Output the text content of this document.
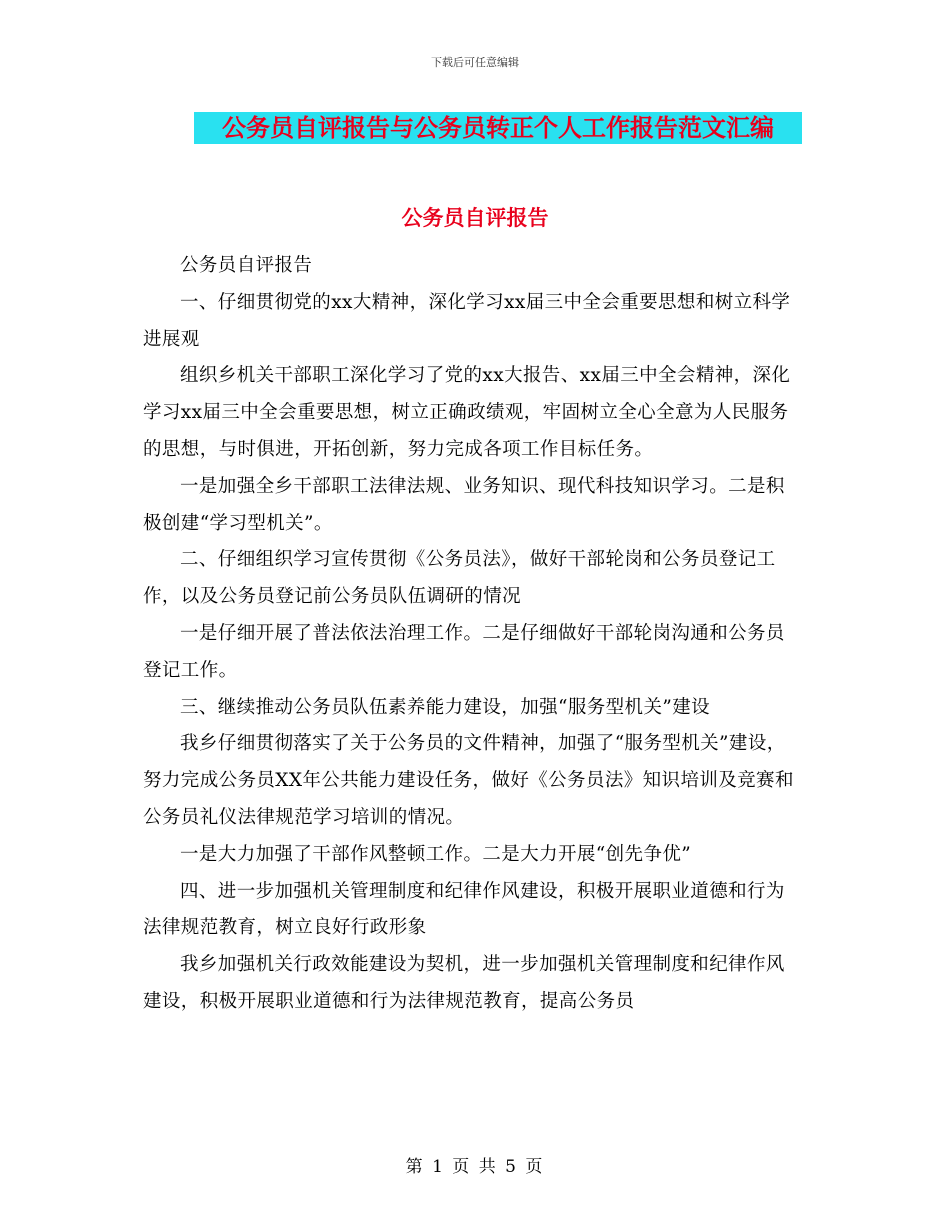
下载后可任意编辑
公务员自评报告与公务员转正个人工作报告范文汇编
公务员自评报告

公务员自评报告

一、仔细贯彻党的xx大精神，深化学习xx届三中全会重要思想和树立科学进展观

组织乡机关干部职工深化学习了党的xx大报告、xx届三中全会精神，深化学习xx届三中全会重要思想，树立正确政绩观，牢固树立全心全意为人民服务的思想，与时俱进，开拓创新，努力完成各项工作目标任务。

一是加强全乡干部职工法律法规、业务知识、现代科技知识学习。二是积极创建“学习型机关”。

二、仔细组织学习宣传贯彻《公务员法》，做好干部轮岗和公务员登记工作，以及公务员登记前公务员队伍调研的情况

一是仔细开展了普法依法治理工作。二是仔细做好干部轮岗沟通和公务员登记工作。

三、继续推动公务员队伍素养能力建设，加强“服务型机关”建设

我乡仔细贯彻落实了关于公务员的文件精神，加强了“服务型机关”建设，努力完成公务员XX年公共能力建设任务，做好《公务员法》知识培训及竞赛和公务员礼仪法律规范学习培训的情况。

一是大力加强了干部作风整顿工作。二是大力开展“创先争优”

四、进一步加强机关管理制度和纪律作风建设，积极开展职业道德和行为法律规范教育，树立良好行政形象

我乡加强机关行政效能建设为契机，进一步加强机关管理制度和纪律作风建设，积极开展职业道德和行为法律规范教育，提高公务员

第 1 页 共 5 页
